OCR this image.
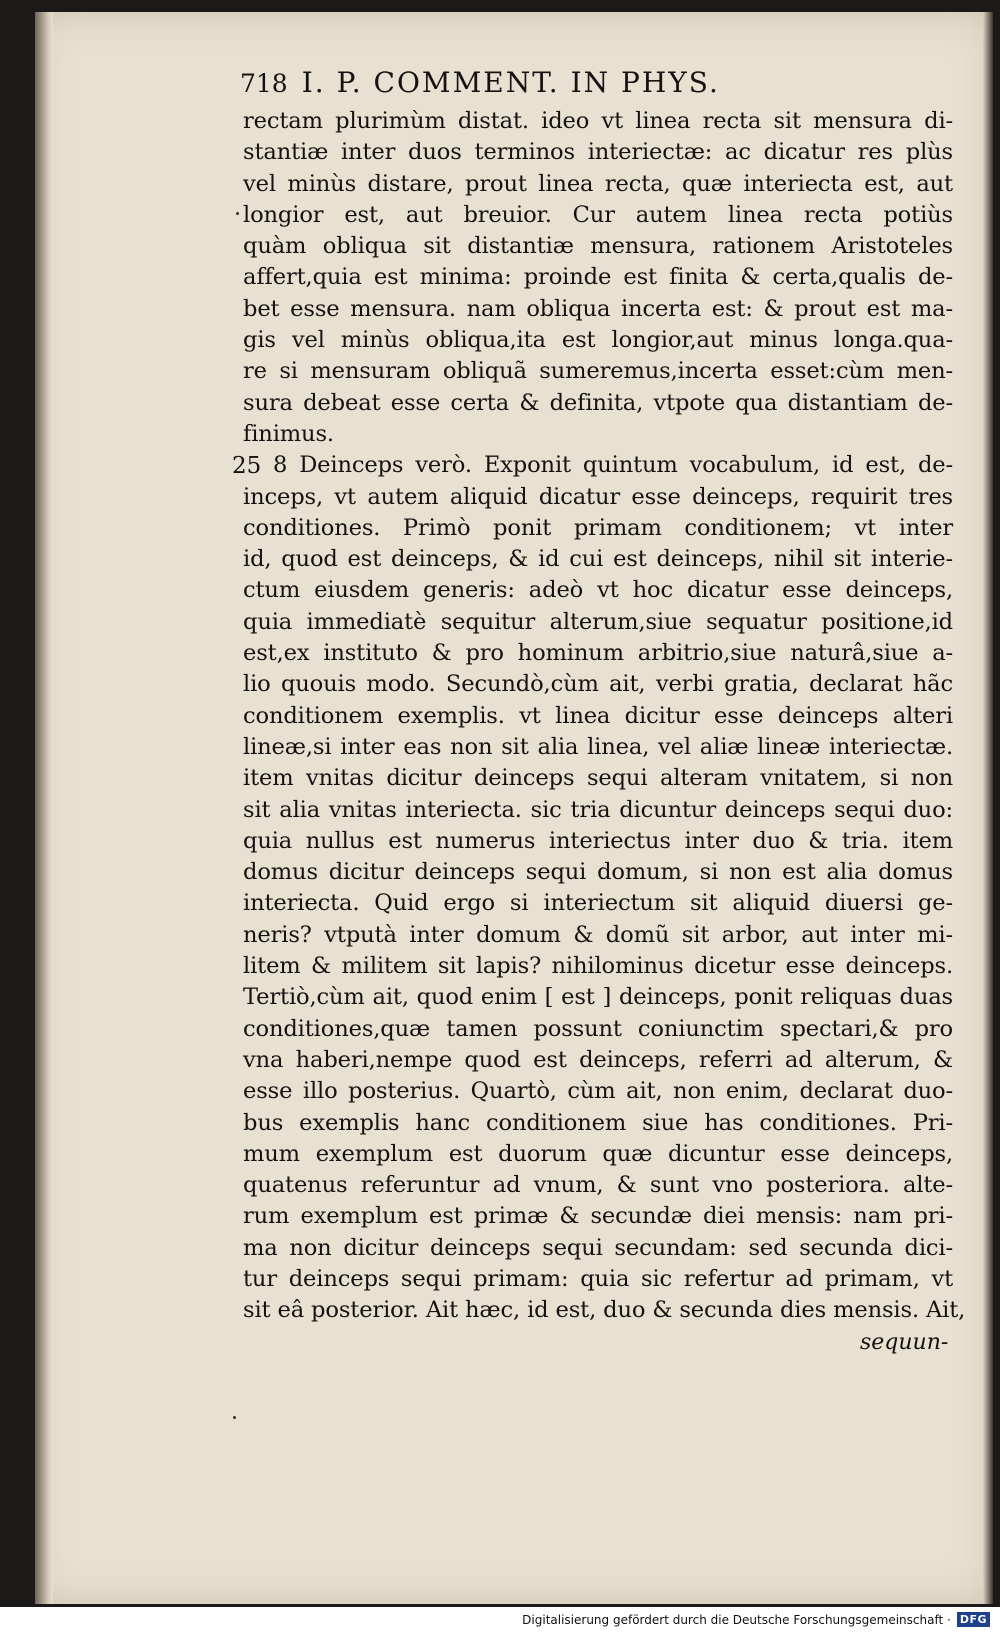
718 I. P. COMMENT. IN PHYS.
25
rectam plurimùm distat. ideo vt linea recta sit mensura di-
stantiæ inter duos terminos interiectæ: ac dicatur res plùs
vel minùs distare, prout linea recta, quæ interiecta est, aut
longior est, aut breuior. Cur autem linea recta potiùs
quàm obliqua sit distantiæ mensura, rationem Aristoteles
affert,quia est minima: proinde est finita & certa,qualis de-
bet esse mensura. nam obliqua incerta est: & prout est ma-
gis vel minùs obliqua,ita est longior,aut minus longa.qua-
re si mensuram obliquã sumeremus,incerta esset:cùm men-
sura debeat esse certa & definita, vtpote qua distantiam de-
finimus.
8 Deinceps verò. Exponit quintum vocabulum, id est, de-
inceps, vt autem aliquid dicatur esse deinceps, requirit tres
conditiones. Primò ponit primam conditionem; vt inter
id, quod est deinceps, & id cui est deinceps, nihil sit interie-
ctum eiusdem generis: adeò vt hoc dicatur esse deinceps,
quia immediatè sequitur alterum,siue sequatur positione,id
est,ex instituto & pro hominum arbitrio,siue naturâ,siue a-
lio quouis modo. Secundò,cùm ait, verbi gratia, declarat hãc
conditionem exemplis. vt linea dicitur esse deinceps alteri
lineæ,si inter eas non sit alia linea, vel aliæ lineæ interiectæ.
item vnitas dicitur deinceps sequi alteram vnitatem, si non
sit alia vnitas interiecta. sic tria dicuntur deinceps sequi duo:
quia nullus est numerus interiectus inter duo & tria. item
domus dicitur deinceps sequi domum, si non est alia domus
interiecta. Quid ergo si interiectum sit aliquid diuersi ge-
neris? vtputà inter domum & domũ sit arbor, aut inter mi-
litem & militem sit lapis? nihilominus dicetur esse deinceps.
Tertiò,cùm ait, quod enim [ est ] deinceps, ponit reliquas duas
conditiones,quæ tamen possunt coniunctim spectari,& pro
vna haberi,nempe quod est deinceps, referri ad alterum, &
esse illo posterius. Quartò, cùm ait, non enim, declarat duo-
bus exemplis hanc conditionem siue has conditiones. Pri-
mum exemplum est duorum quæ dicuntur esse deinceps,
quatenus referuntur ad vnum, & sunt vno posteriora. alte-
rum exemplum est primæ & secundæ diei mensis: nam pri-
ma non dicitur deinceps sequi secundam: sed secunda dici-
tur deinceps sequi primam: quia sic refertur ad primam, vt
sit eâ posterior. Ait hæc, id est, duo & secunda dies mensis. Ait,
sequun-
Digitalisierung gefördert durch die Deutsche Forschungsgemeinschaft · DFG
